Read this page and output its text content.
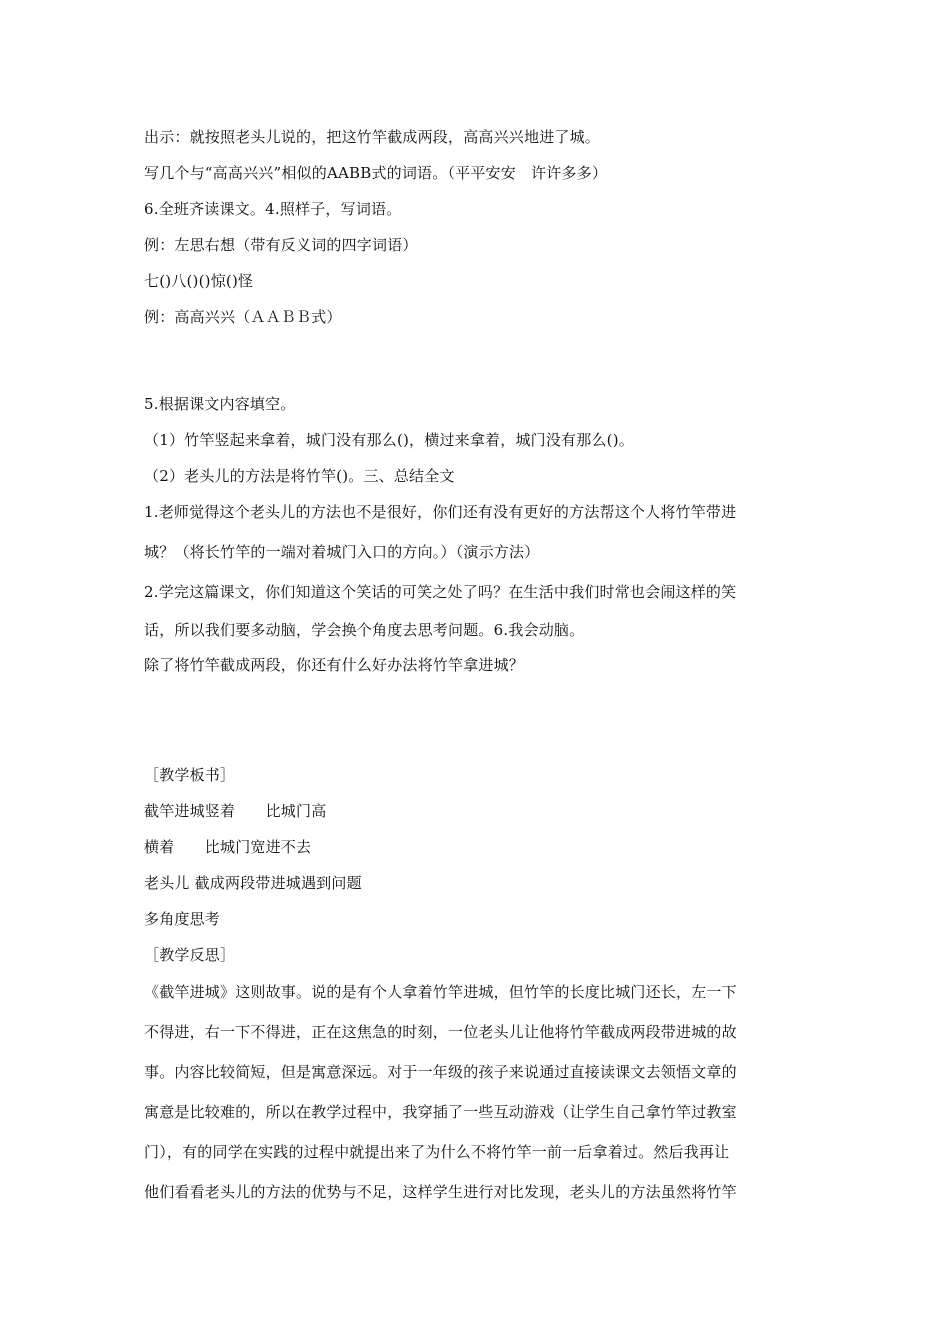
出示：就按照老头儿说的，把这竹竿截成两段，高高兴兴地进了城。
写几个与“高高兴兴”相似的AABB式的词语。（平平安安　许许多多）
6.全班齐读课文。4.照样子，写词语。
例：左思右想（带有反义词的四字词语）
七()八()()惊()怪
例：高高兴兴（ＡＡＢＢ式）
5.根据课文内容填空。
（1）竹竿竖起来拿着，城门没有那么()，横过来拿着，城门没有那么()。
（2）老头儿的方法是将竹竿()。三、总结全文
1.老师觉得这个老头儿的方法也不是很好，你们还有没有更好的方法帮这个人将竹竿带进
城？（将长竹竿的一端对着城门入口的方向。）（演示方法）
2.学完这篇课文，你们知道这个笑话的可笑之处了吗？在生活中我们时常也会闹这样的笑
话，所以我们要多动脑，学会换个角度去思考问题。6.我会动脑。
除了将竹竿截成两段，你还有什么好办法将竹竿拿进城？
［教学板书］
截竿进城竖着　　比城门高
横着　　比城门宽进不去
老头儿 截成两段带进城遇到问题
多角度思考
［教学反思］
《截竿进城》这则故事。说的是有个人拿着竹竿进城，但竹竿的长度比城门还长，左一下
不得进，右一下不得进，正在这焦急的时刻，一位老头儿让他将竹竿截成两段带进城的故
事。内容比较简短，但是寓意深远。对于一年级的孩子来说通过直接读课文去领悟文章的
寓意是比较难的，所以在教学过程中，我穿插了一些互动游戏（让学生自己拿竹竿过教室
门），有的同学在实践的过程中就提出来了为什么不将竹竿一前一后拿着过。然后我再让
他们看看老头儿的方法的优势与不足，这样学生进行对比发现，老头儿的方法虽然将竹竿
